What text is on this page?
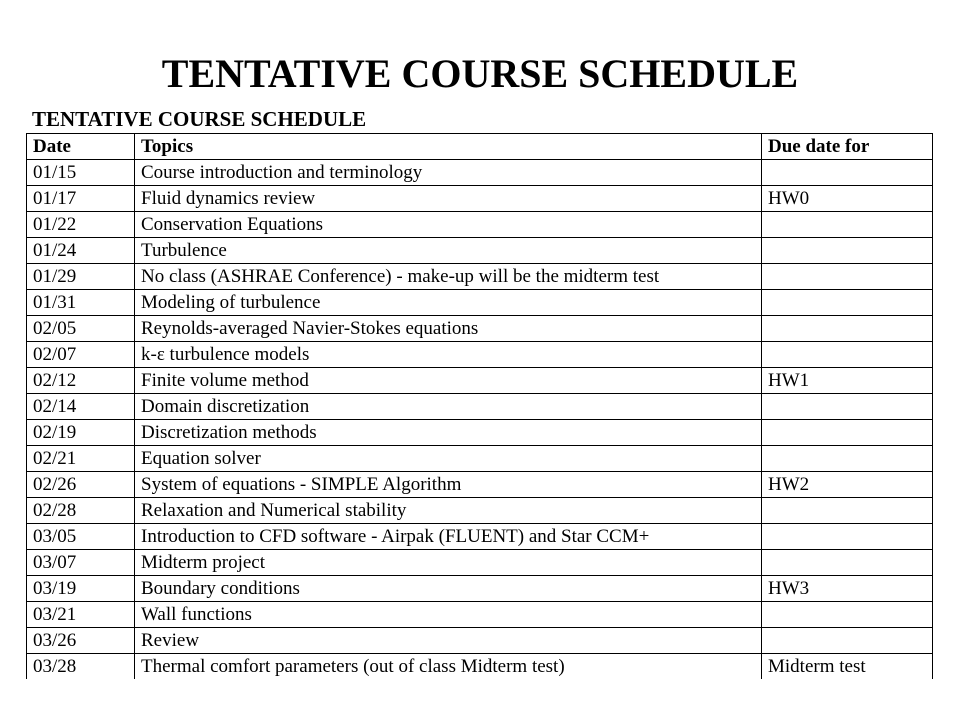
TENTATIVE COURSE SCHEDULE
TENTATIVE COURSE SCHEDULE
Date	Topics	Due date for
01/15	Course introduction and terminology	
01/17	Fluid dynamics review	HW0
01/22	Conservation Equations	
01/24	Turbulence	
01/29	No class (ASHRAE Conference) - make-up will be the midterm test	
01/31	Modeling of turbulence	
02/05	Reynolds-averaged Navier-Stokes equations	
02/07	k-ε turbulence models	
02/12	Finite volume method	HW1
02/14	Domain discretization	
02/19	Discretization methods	
02/21	Equation solver	
02/26	System of equations - SIMPLE Algorithm	HW2
02/28	Relaxation and Numerical stability	
03/05	Introduction to CFD software - Airpak (FLUENT) and Star CCM+	
03/07	Midterm project	
03/19	Boundary conditions	HW3
03/21	Wall functions	
03/26	Review	
03/28	Thermal comfort parameters (out of class Midterm test)	Midterm test
